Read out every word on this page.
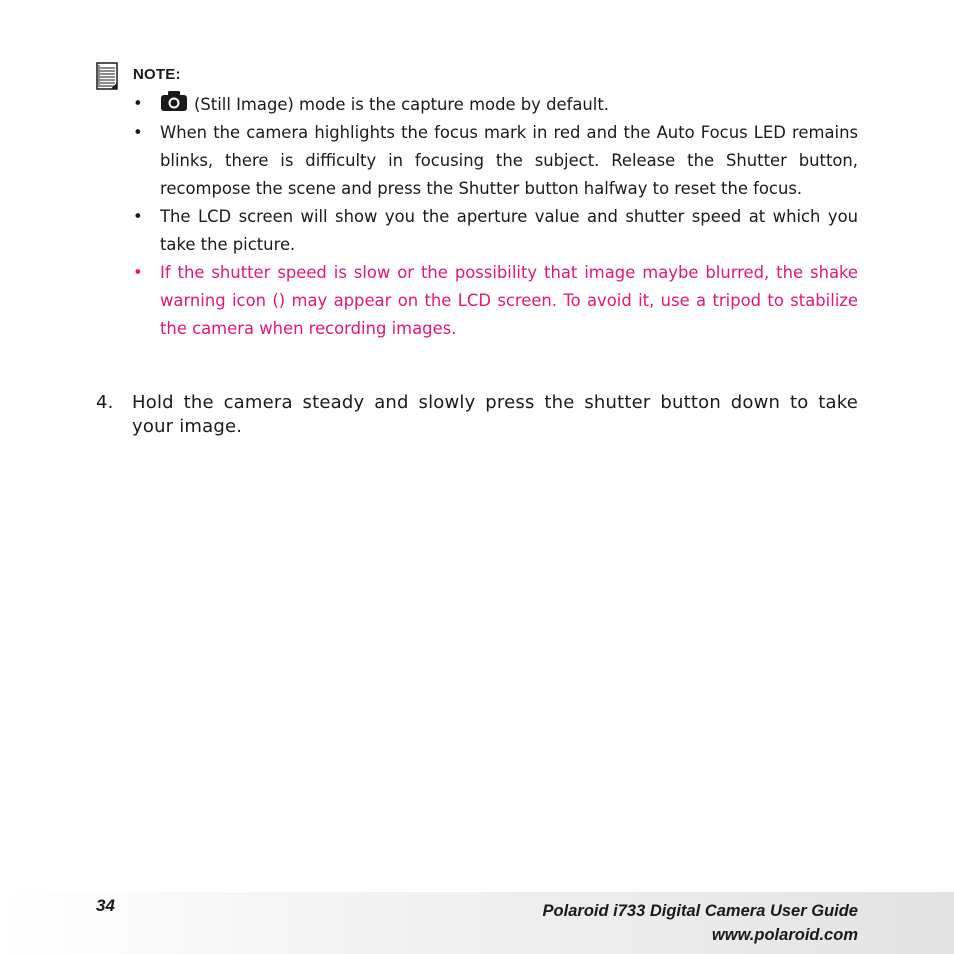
NOTE:
•	(Still Image) mode is the capture mode by default.
• When the camera highlights the focus mark in red and the Auto Focus LED remains blinks, there is difficulty in focusing the subject. Release the Shutter button, recompose the scene and press the Shutter button halfway to reset the focus.
• The LCD screen will show you the aperture value and shutter speed at which you take the picture.
• If the shutter speed is slow or the possibility that image maybe blurred, the shake warning icon () may appear on the LCD screen. To avoid it, use a tripod to stabilize the camera when recording images.
4. Hold the camera steady and slowly press the shutter button down to take your image.
34	Polaroid i733 Digital Camera User Guide
www.polaroid.com
